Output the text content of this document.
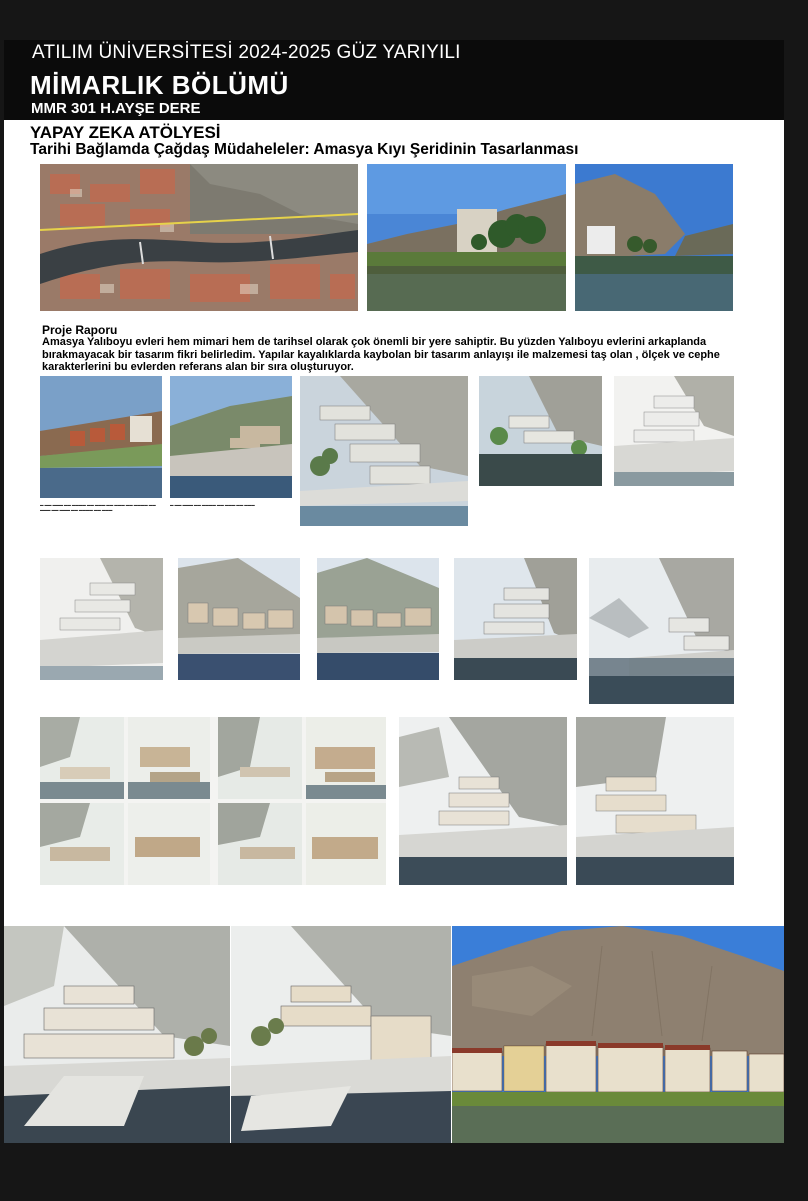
ATILIM ÜNİVERSİTESİ 2024-2025 GÜZ YARIYILI
MİMARLIK BÖLÜMÜ
MMR 301 H.AYŞE DERE
YAPAY ZEKA ATÖLYESİ
Tarihi Bağlamda Çağdaş Müdaheleler: Amasya Kıyı Şeridinin Tasarlanması
Proje Raporu
Amasya Yalıboyu evleri hem mimari hem de tarihsel olarak çok önemli bir yere sahiptir. Bu yüzden Yalıboyu evlerini arkaplanda bırakmayacak bir tasarım fikri belirledim. Yapılar kayalıklarda kaybolan bir tasarım anlayışı ile malzemesi taş olan , ölçek ve cephe karakterlerini bu evlerden referans alan bir sıra oluşturuyor.
▬ ▬▬ ▬▬▬ ▬▬ ▬▬▬▬ ▬▬ ▬▬▬ ▬▬ ▬▬▬ ▬▬ ▬▬▬▬ ▬▬ ▬▬▬ ▬▬ ▬▬▬ ▬▬ ▬▬▬▬ ▬▬ ▬▬▬
▬ ▬▬ ▬▬▬ ▬▬ ▬▬▬▬ ▬▬ ▬▬▬ ▬▬ ▬▬▬
